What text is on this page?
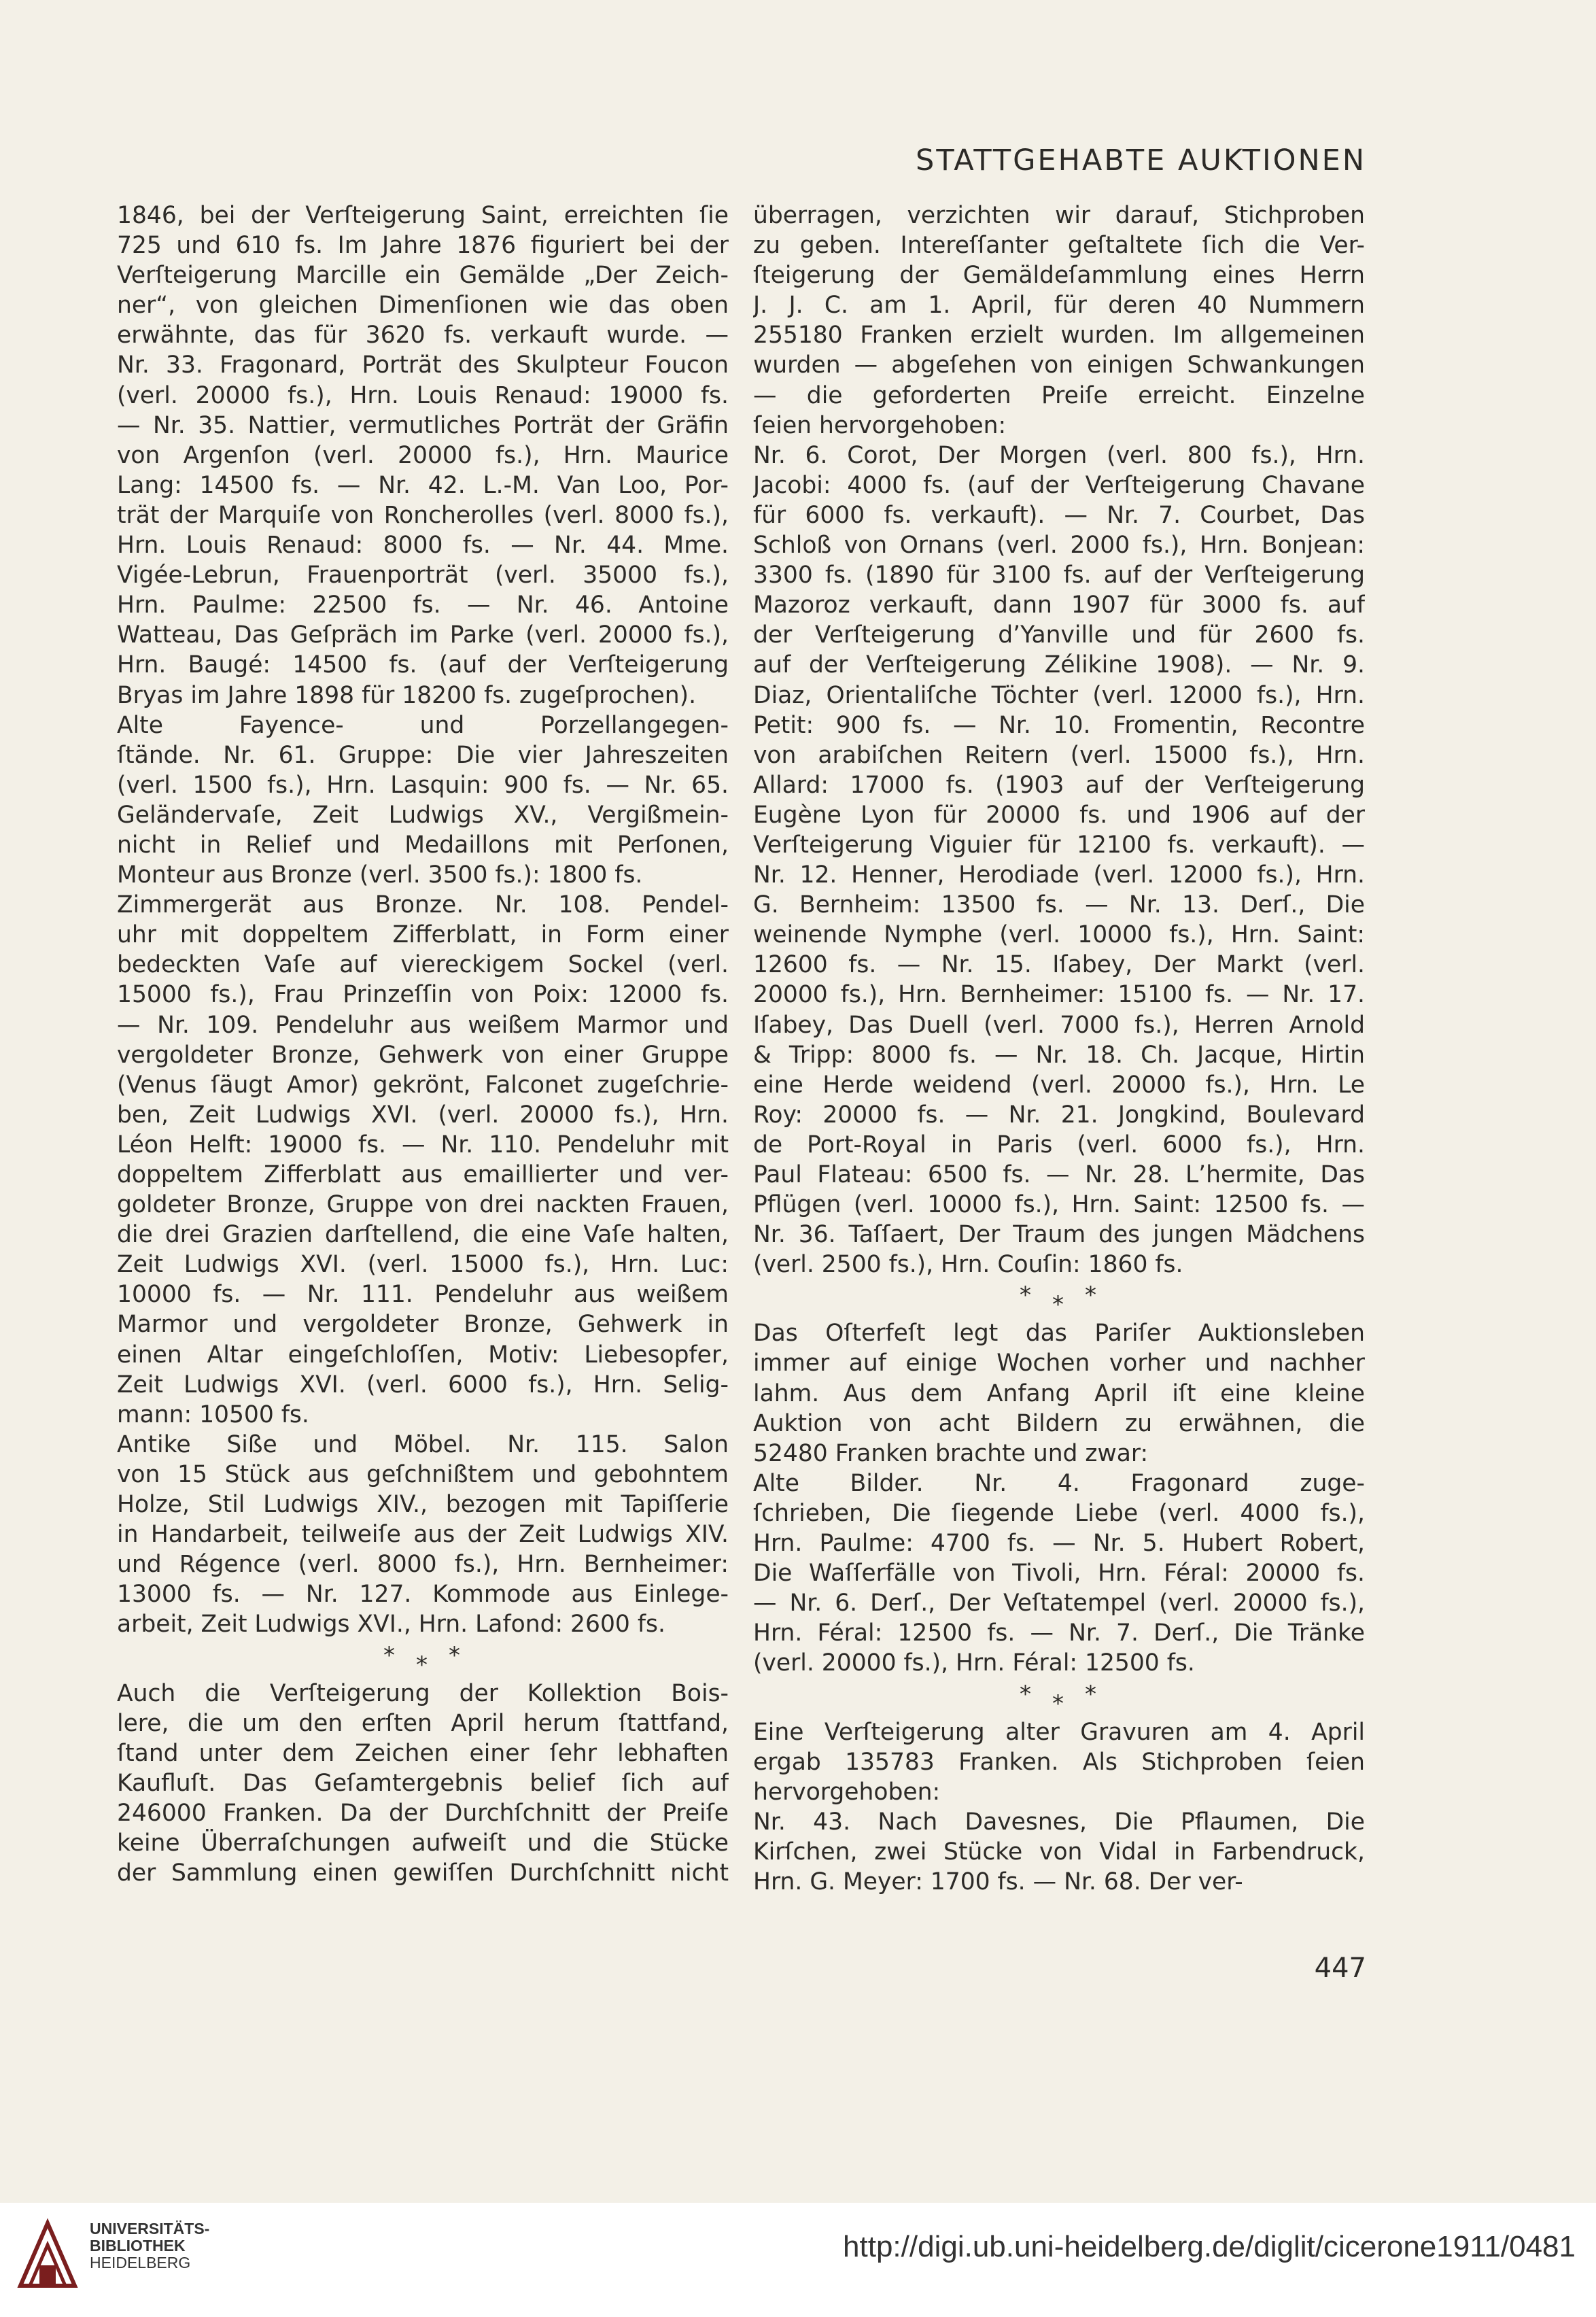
STATTGEHABTE AUKTIONEN
1846, bei der Verſteigerung Saint, erreichten ſie
725 und 610 fs. Im Jahre 1876 figuriert bei der
Verſteigerung Marcille ein Gemälde „Der Zeich-
ner“, von gleichen Dimenſionen wie das oben
erwähnte, das für 3620 fs. verkauft wurde. —
Nr. 33. Fragonard, Porträt des Skulpteur Foucon
(verl. 20000 fs.), Hrn. Louis Renaud: 19000 fs.
— Nr. 35. Nattier, vermutliches Porträt der Gräfin
von Argenſon (verl. 20000 fs.), Hrn. Maurice
Lang: 14500 fs. — Nr. 42. L.-M. Van Loo, Por-
trät der Marquiſe von Roncherolles (verl. 8000 fs.),
Hrn. Louis Renaud: 8000 fs. — Nr. 44. Mme.
Vigée-Lebrun, Frauenporträt (verl. 35000 fs.),
Hrn. Paulme: 22500 fs. — Nr. 46. Antoine
Watteau, Das Geſpräch im Parke (verl. 20000 fs.),
Hrn. Baugé: 14500 fs. (auf der Verſteigerung
Bryas im Jahre 1898 für 18200 fs. zugeſprochen).
Alte Fayence- und Porzellangegen-
ſtände. Nr. 61. Gruppe: Die vier Jahreszeiten
(verl. 1500 fs.), Hrn. Lasquin: 900 fs. — Nr. 65.
Geländervaſe, Zeit Ludwigs XV., Vergißmein-
nicht in Relief und Medaillons mit Perſonen,
Monteur aus Bronze (verl. 3500 fs.): 1800 fs.
Zimmergerät aus Bronze. Nr. 108. Pendel-
uhr mit doppeltem Zifferblatt, in Form einer
bedeckten Vaſe auf viereckigem Sockel (verl.
15000 fs.), Frau Prinzeſſin von Poix: 12000 fs.
— Nr. 109. Pendeluhr aus weißem Marmor und
vergoldeter Bronze, Gehwerk von einer Gruppe
(Venus ſäugt Amor) gekrönt, Falconet zugeſchrie-
ben, Zeit Ludwigs XVI. (verl. 20000 fs.), Hrn.
Léon Helft: 19000 fs. — Nr. 110. Pendeluhr mit
doppeltem Zifferblatt aus emaillierter und ver-
goldeter Bronze, Gruppe von drei nackten Frauen,
die drei Grazien darſtellend, die eine Vaſe halten,
Zeit Ludwigs XVI. (verl. 15000 fs.), Hrn. Luc:
10000 fs. — Nr. 111. Pendeluhr aus weißem
Marmor und vergoldeter Bronze, Gehwerk in
einen Altar eingeſchloſſen, Motiv: Liebesopfer,
Zeit Ludwigs XVI. (verl. 6000 fs.), Hrn. Selig-
mann: 10500 fs.
Antike Siße und Möbel. Nr. 115. Salon
von 15 Stück aus geſchnißtem und gebohntem
Holze, Stil Ludwigs XIV., bezogen mit Tapiſſerie
in Handarbeit, teilweiſe aus der Zeit Ludwigs XIV.
und Régence (verl. 8000 fs.), Hrn. Bernheimer:
13000 fs. — Nr. 127. Kommode aus Einlege-
arbeit, Zeit Ludwigs XVI., Hrn. Lafond: 2600 fs.
* * *
Auch die Verſteigerung der Kollektion Bois-
lere, die um den erſten April herum ſtattfand,
ſtand unter dem Zeichen einer ſehr lebhaften
Kaufluſt. Das Geſamtergebnis belief ſich auf
246000 Franken. Da der Durchſchnitt der Preiſe
keine Überraſchungen aufweiſt und die Stücke
der Sammlung einen gewiſſen Durchſchnitt nicht
überragen, verzichten wir darauf, Stichproben
zu geben. Intereſſanter geſtaltete ſich die Ver-
ſteigerung der Gemäldeſammlung eines Herrn
J. J. C. am 1. April, für deren 40 Nummern
255180 Franken erzielt wurden. Im allgemeinen
wurden — abgeſehen von einigen Schwankungen
— die geforderten Preiſe erreicht. Einzelne
ſeien hervorgehoben:
Nr. 6. Corot, Der Morgen (verl. 800 fs.), Hrn.
Jacobi: 4000 fs. (auf der Verſteigerung Chavane
für 6000 fs. verkauft). — Nr. 7. Courbet, Das
Schloß von Ornans (verl. 2000 fs.), Hrn. Bonjean:
3300 fs. (1890 für 3100 fs. auf der Verſteigerung
Mazoroz verkauft, dann 1907 für 3000 fs. auf
der Verſteigerung d’Yanville und für 2600 fs.
auf der Verſteigerung Zélikine 1908). — Nr. 9.
Diaz, Orientaliſche Töchter (verl. 12000 fs.), Hrn.
Petit: 900 fs. — Nr. 10. Fromentin, Recontre
von arabiſchen Reitern (verl. 15000 fs.), Hrn.
Allard: 17000 fs. (1903 auf der Verſteigerung
Eugène Lyon für 20000 fs. und 1906 auf der
Verſteigerung Viguier für 12100 fs. verkauft). —
Nr. 12. Henner, Herodiade (verl. 12000 fs.), Hrn.
G. Bernheim: 13500 fs. — Nr. 13. Derſ., Die
weinende Nymphe (verl. 10000 fs.), Hrn. Saint:
12600 fs. — Nr. 15. Iſabey, Der Markt (verl.
20000 fs.), Hrn. Bernheimer: 15100 fs. — Nr. 17.
Iſabey, Das Duell (verl. 7000 fs.), Herren Arnold
& Tripp: 8000 fs. — Nr. 18. Ch. Jacque, Hirtin
eine Herde weidend (verl. 20000 fs.), Hrn. Le
Roy: 20000 fs. — Nr. 21. Jongkind, Boulevard
de Port-Royal in Paris (verl. 6000 fs.), Hrn.
Paul Flateau: 6500 fs. — Nr. 28. L’hermite, Das
Pflügen (verl. 10000 fs.), Hrn. Saint: 12500 fs. —
Nr. 36. Taſſaert, Der Traum des jungen Mädchens
(verl. 2500 fs.), Hrn. Couſin: 1860 fs.
* * *
Das Oſterfeſt legt das Pariſer Auktionsleben
immer auf einige Wochen vorher und nachher
lahm. Aus dem Anfang April iſt eine kleine
Auktion von acht Bildern zu erwähnen, die
52480 Franken brachte und zwar:
Alte Bilder. Nr. 4. Fragonard zuge-
ſchrieben, Die ſiegende Liebe (verl. 4000 fs.),
Hrn. Paulme: 4700 fs. — Nr. 5. Hubert Robert,
Die Waſſerfälle von Tivoli, Hrn. Féral: 20000 fs.
— Nr. 6. Derſ., Der Veſtatempel (verl. 20000 fs.),
Hrn. Féral: 12500 fs. — Nr. 7. Derſ., Die Tränke
(verl. 20000 fs.), Hrn. Féral: 12500 fs.
* * *
Eine Verſteigerung alter Gravuren am 4. April
ergab 135783 Franken. Als Stichproben ſeien
hervorgehoben:
Nr. 43. Nach Davesnes, Die Pflaumen, Die
Kirſchen, zwei Stücke von Vidal in Farbendruck,
Hrn. G. Meyer: 1700 fs. — Nr. 68. Der ver-
447
UNIVERSITÄTS-
BIBLIOTHEK
HEIDELBERG	http://digi.ub.uni-heidelberg.de/diglit/cicerone1911/0481
